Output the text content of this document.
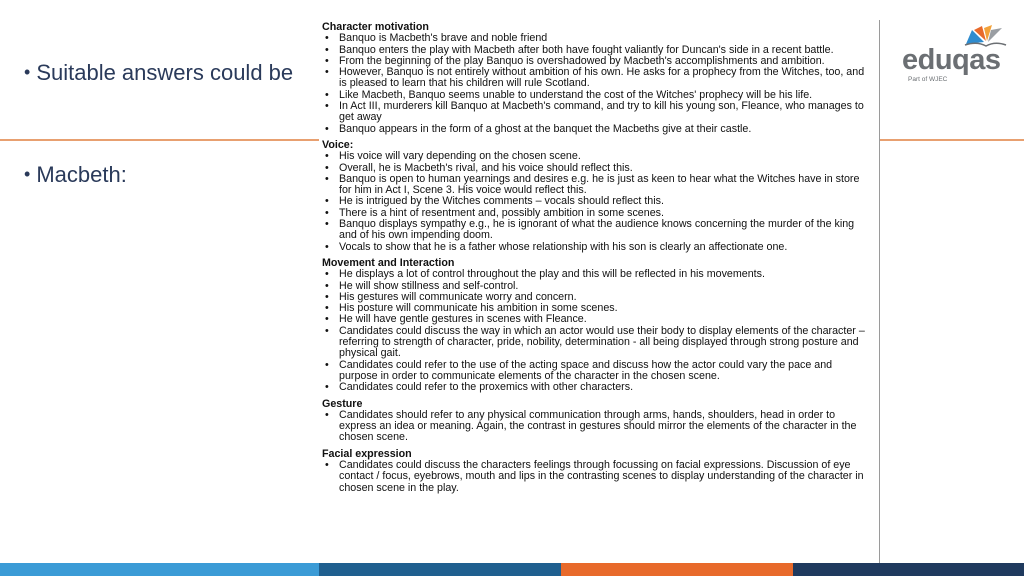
• Suitable answers could be
• Macbeth:
eduqas
Part of WJEC
Character motivation
• Banquo is Macbeth's brave and noble friend
• Banquo enters the play with Macbeth after both have fought valiantly for Duncan's side in a recent battle.
• From the beginning of the play Banquo is overshadowed by Macbeth's accomplishments and ambition.
• However, Banquo is not entirely without ambition of his own. He asks for a prophecy from the Witches, too, and is pleased to learn that his children will rule Scotland.
• Like Macbeth, Banquo seems unable to understand the cost of the Witches' prophecy will be his life.
• In Act III, murderers kill Banquo at Macbeth's command, and try to kill his young son, Fleance, who manages to get away
• Banquo appears in the form of a ghost at the banquet the Macbeths give at their castle.
Voice:
• His voice will vary depending on the chosen scene.
• Overall, he is Macbeth's rival, and his voice should reflect this.
• Banquo is open to human yearnings and desires e.g. he is just as keen to hear what the Witches have in store for him in Act I, Scene 3. His voice would reflect this.
• He is intrigued by the Witches comments – vocals should reflect this.
• There is a hint of resentment and, possibly ambition in some scenes.
• Banquo displays sympathy e.g., he is ignorant of what the audience knows concerning the murder of the king and of his own impending doom.
• Vocals to show that he is a father whose relationship with his son is clearly an affectionate one.
Movement and Interaction
• He displays a lot of control throughout the play and this will be reflected in his movements.
• He will show stillness and self-control.
• His gestures will communicate worry and concern.
• His posture will communicate his ambition in some scenes.
• He will have gentle gestures in scenes with Fleance.
• Candidates could discuss the way in which an actor would use their body to display elements of the character – referring to strength of character, pride, nobility, determination - all being displayed through strong posture and physical gait.
• Candidates could refer to the use of the acting space and discuss how the actor could vary the pace and purpose in order to communicate elements of the character in the chosen scene.
• Candidates could refer to the proxemics with other characters.
Gesture
• Candidates should refer to any physical communication through arms, hands, shoulders, head in order to express an idea or meaning. Again, the contrast in gestures should mirror the elements of the character in the chosen scene.
Facial expression
• Candidates could discuss the characters feelings through focussing on facial expressions. Discussion of eye contact / focus, eyebrows, mouth and lips in the contrasting scenes to display understanding of the character in chosen scene in the play.
